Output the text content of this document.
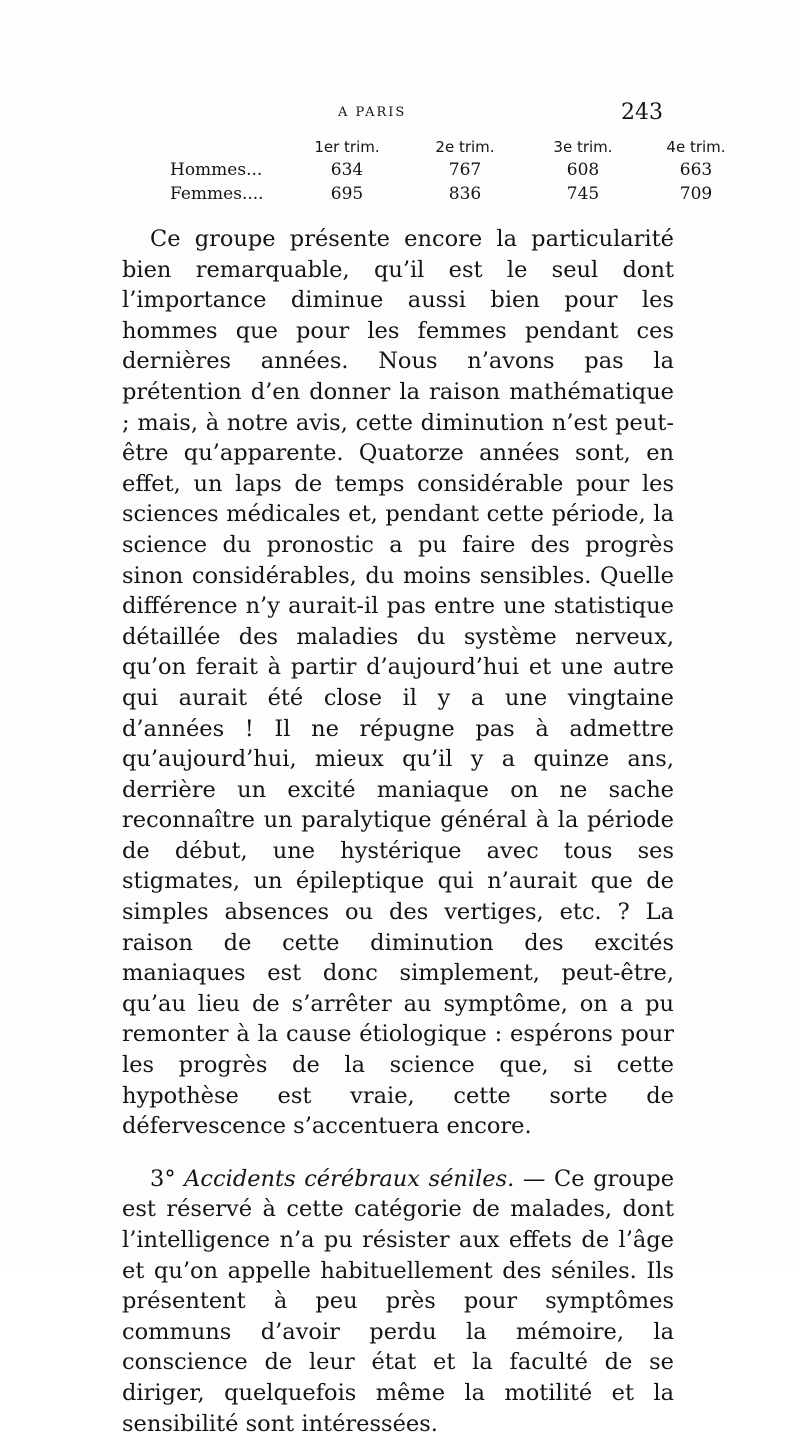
A PARIS	243
	1er trim.	2e trim.	3e trim.	4e trim.
Hommes...	634	767	608	663
Femmes....	695	836	745	709

Ce groupe présente encore la particularité bien remarquable, qu’il est le seul dont l’importance diminue aussi bien pour les hommes que pour les femmes pendant ces dernières années. Nous n’avons pas la prétention d’en donner la raison mathématique ; mais, à notre avis, cette diminution n’est peut-être qu’apparente. Quatorze années sont, en effet, un laps de temps considérable pour les sciences médicales et, pendant cette période, la science du pronostic a pu faire des progrès sinon considérables, du moins sensibles. Quelle différence n’y aurait-il pas entre une statistique détaillée des maladies du système nerveux, qu’on ferait à partir d’aujourd’hui et une autre qui aurait été close il y a une vingtaine d’années ! Il ne répugne pas à admettre qu’aujourd’hui, mieux qu’il y a quinze ans, derrière un excité maniaque on ne sache reconnaître un paralytique général à la période de début, une hystérique avec tous ses stigmates, un épileptique qui n’aurait que de simples absences ou des vertiges, etc. ? La raison de cette diminution des excités maniaques est donc simplement, peut-être, qu’au lieu de s’arrêter au symptôme, on a pu remonter à la cause étiologique : espérons pour les progrès de la science que, si cette hypothèse est vraie, cette sorte de défervescence s’accentuera encore.

3° Accidents cérébraux séniles. — Ce groupe est réservé à cette catégorie de malades, dont l’intelligence n’a pu résister aux effets de l’âge et qu’on appelle habituellement des séniles. Ils présentent à peu près pour symptômes communs d’avoir perdu la mémoire, la conscience de leur état et la faculté de se diriger, quelquefois même la motilité et la sensibilité sont intéressées.
